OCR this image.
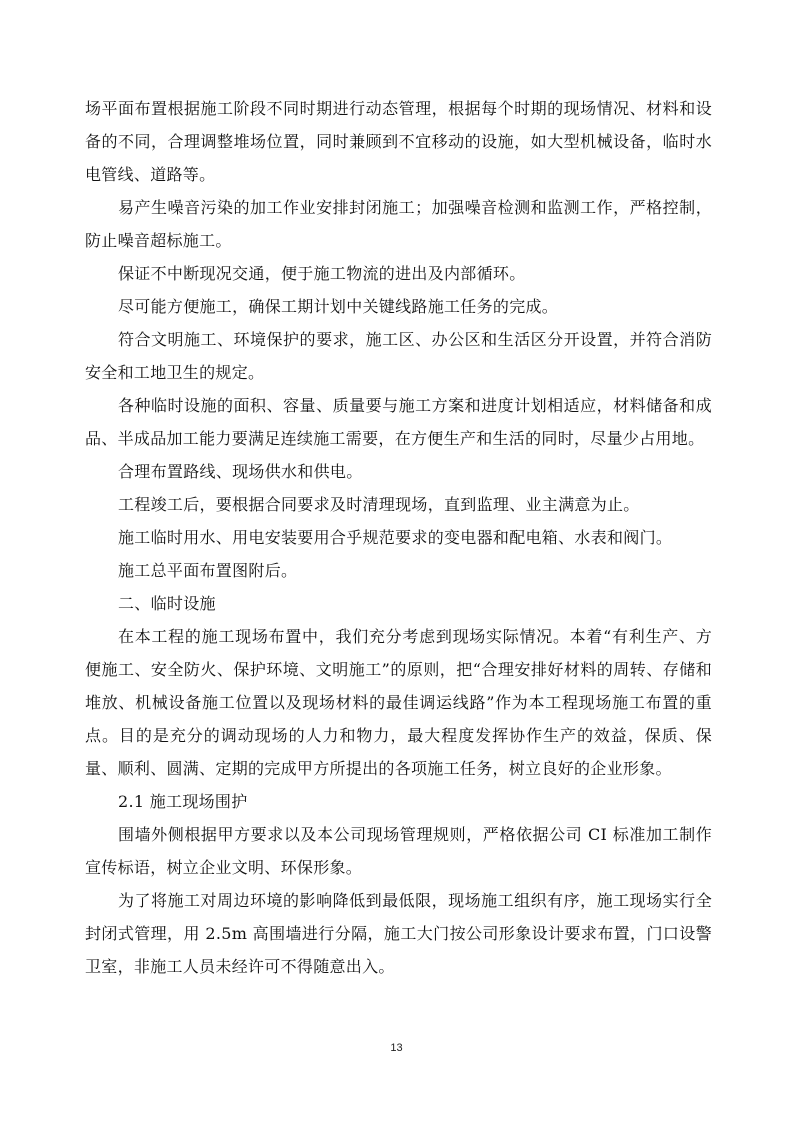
场平面布置根据施工阶段不同时期进行动态管理，根据每个时期的现场情况、材料和设备的不同，合理调整堆场位置，同时兼顾到不宜移动的设施，如大型机械设备，临时水电管线、道路等。

易产生噪音污染的加工作业安排封闭施工；加强噪音检测和监测工作，严格控制，防止噪音超标施工。

保证不中断现况交通，便于施工物流的进出及内部循环。

尽可能方便施工，确保工期计划中关键线路施工任务的完成。

符合文明施工、环境保护的要求，施工区、办公区和生活区分开设置，并符合消防安全和工地卫生的规定。

各种临时设施的面积、容量、质量要与施工方案和进度计划相适应，材料储备和成品、半成品加工能力要满足连续施工需要，在方便生产和生活的同时，尽量少占用地。

合理布置路线、现场供水和供电。

工程竣工后，要根据合同要求及时清理现场，直到监理、业主满意为止。

施工临时用水、用电安装要用合乎规范要求的变电器和配电箱、水表和阀门。

施工总平面布置图附后。

二、临时设施

在本工程的施工现场布置中，我们充分考虑到现场实际情况。本着“有利生产、方便施工、安全防火、保护环境、文明施工”的原则，把“合理安排好材料的周转、存储和堆放、机械设备施工位置以及现场材料的最佳调运线路”作为本工程现场施工布置的重点。目的是充分的调动现场的人力和物力，最大程度发挥协作生产的效益，保质、保量、顺利、圆满、定期的完成甲方所提出的各项施工任务，树立良好的企业形象。

2.1 施工现场围护

围墙外侧根据甲方要求以及本公司现场管理规则，严格依据公司 CI 标准加工制作宣传标语，树立企业文明、环保形象。

为了将施工对周边环境的影响降低到最低限，现场施工组织有序，施工现场实行全封闭式管理，用 2.5m 高围墙进行分隔，施工大门按公司形象设计要求布置，门口设警卫室，非施工人员未经许可不得随意出入。

13
